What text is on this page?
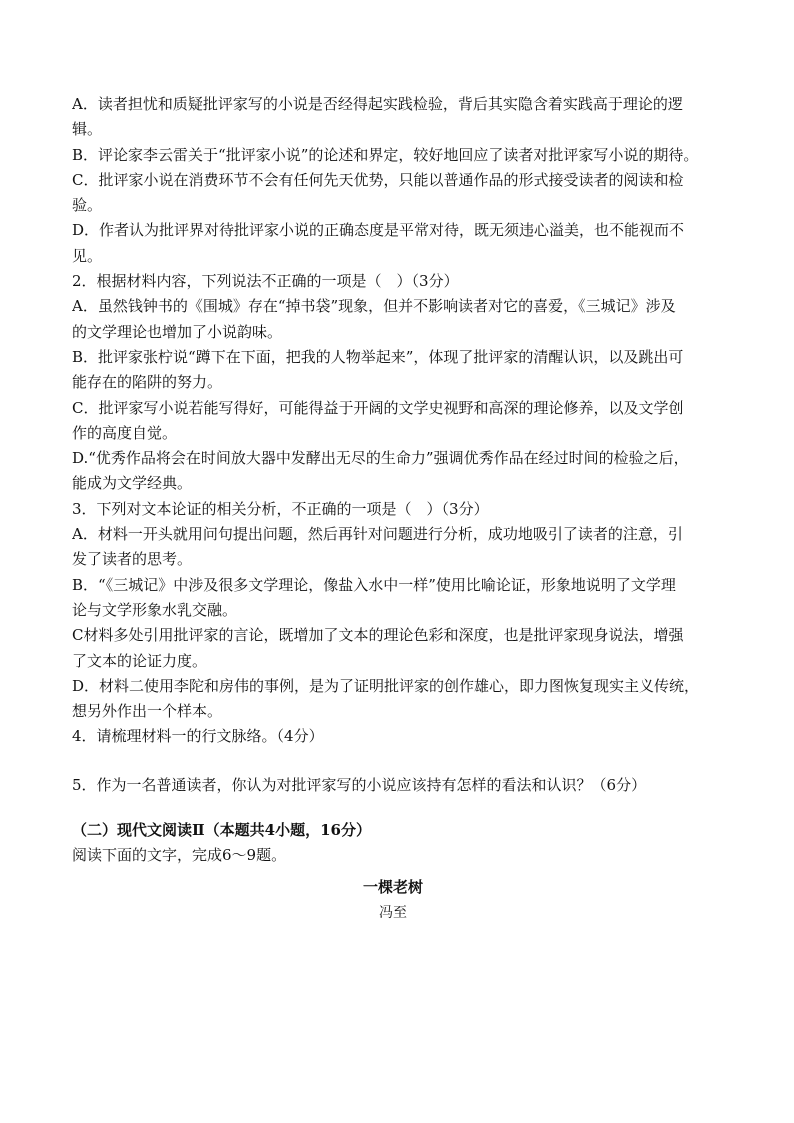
A．读者担忧和质疑批评家写的小说是否经得起实践检验，背后其实隐含着实践高于理论的逻

辑。

B．评论家李云雷关于“批评家小说”的论述和界定，较好地回应了读者对批评家写小说的期待。

C．批评家小说在消费环节不会有任何先天优势，只能以普通作品的形式接受读者的阅读和检

验。

D．作者认为批评界对待批评家小说的正确态度是平常对待，既无须违心溢美，也不能视而不

见。

2．根据材料内容，下列说法不正确的一项是（　）（3分）

A．虽然钱钟书的《围城》存在“掉书袋”现象，但并不影响读者对它的喜爱，《三城记》涉及

的文学理论也增加了小说韵味。

B．批评家张柠说“蹲下在下面，把我的人物举起来”，体现了批评家的清醒认识，以及跳出可

能存在的陷阱的努力。

C．批评家写小说若能写得好，可能得益于开阔的文学史视野和高深的理论修养，以及文学创

作的高度自觉。

D.“优秀作品将会在时间放大器中发酵出无尽的生命力”强调优秀作品在经过时间的检验之后，

能成为文学经典。

3．下列对文本论证的相关分析，不正确的一项是（　）（3分）

A．材料一开头就用问句提出问题，然后再针对问题进行分析，成功地吸引了读者的注意，引

发了读者的思考。

B．“《三城记》中涉及很多文学理论，像盐入水中一样”使用比喻论证，形象地说明了文学理

论与文学形象水乳交融。

C材料多处引用批评家的言论，既增加了文本的理论色彩和深度，也是批评家现身说法，增强

了文本的论证力度。

D．材料二使用李陀和房伟的事例，是为了证明批评家的创作雄心，即力图恢复现实主义传统，

想另外作出一个样本。

4．请梳理材料一的行文脉络。（4分）

5．作为一名普通读者，你认为对批评家写的小说应该持有怎样的看法和认识？（6分）

（二）现代文阅读Ⅱ（本题共4小题，16分）

阅读下面的文字，完成6～9题。

一棵老树
冯至
